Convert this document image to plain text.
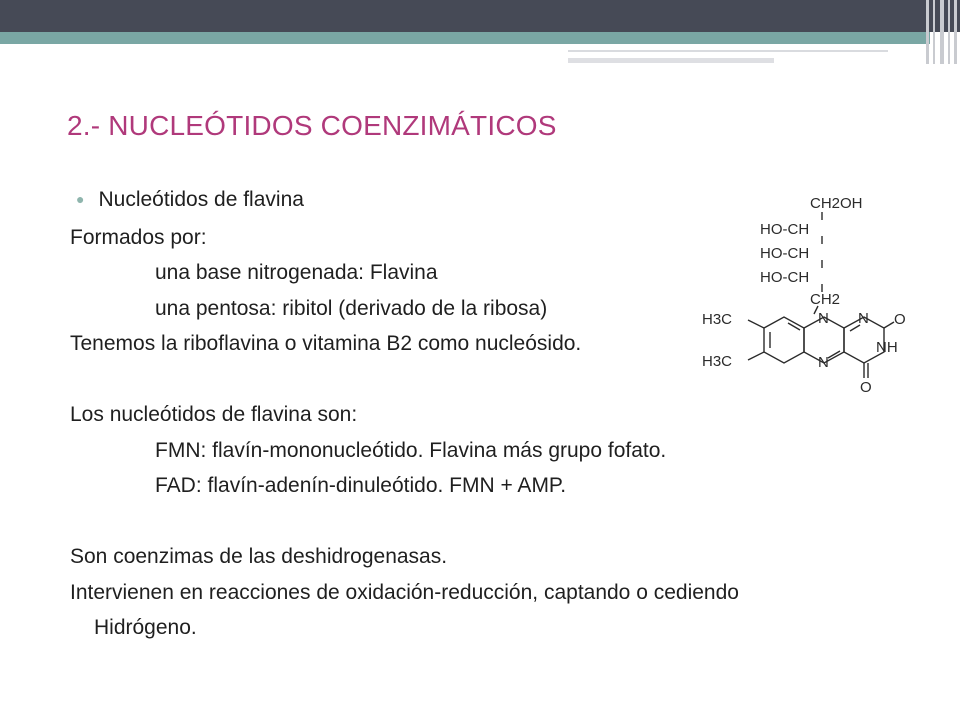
2.- NUCLEÓTIDOS COENZIMÁTICOS
● Nucleótidos de flavina
Formados por:
una base nitrogenada: Flavina
una pentosa: ribitol (derivado de la ribosa)
Tenemos la riboflavina o vitamina B2 como nucleósido.
Los nucleótidos de flavina son:
FMN: flavín-mononucleótido. Flavina más grupo fofato.
FAD: flavín-adenín-dinuleótido. FMN + AMP.
Son coenzimas de las deshidrogenasas.
Intervienen en reacciones de oxidación-reducción, captando o cediendo
Hidrógeno.
CH2OH
HO-CH
HO-CH
HO-CH
CH2
H3C
H3C
N
N
N
NH
O
O
